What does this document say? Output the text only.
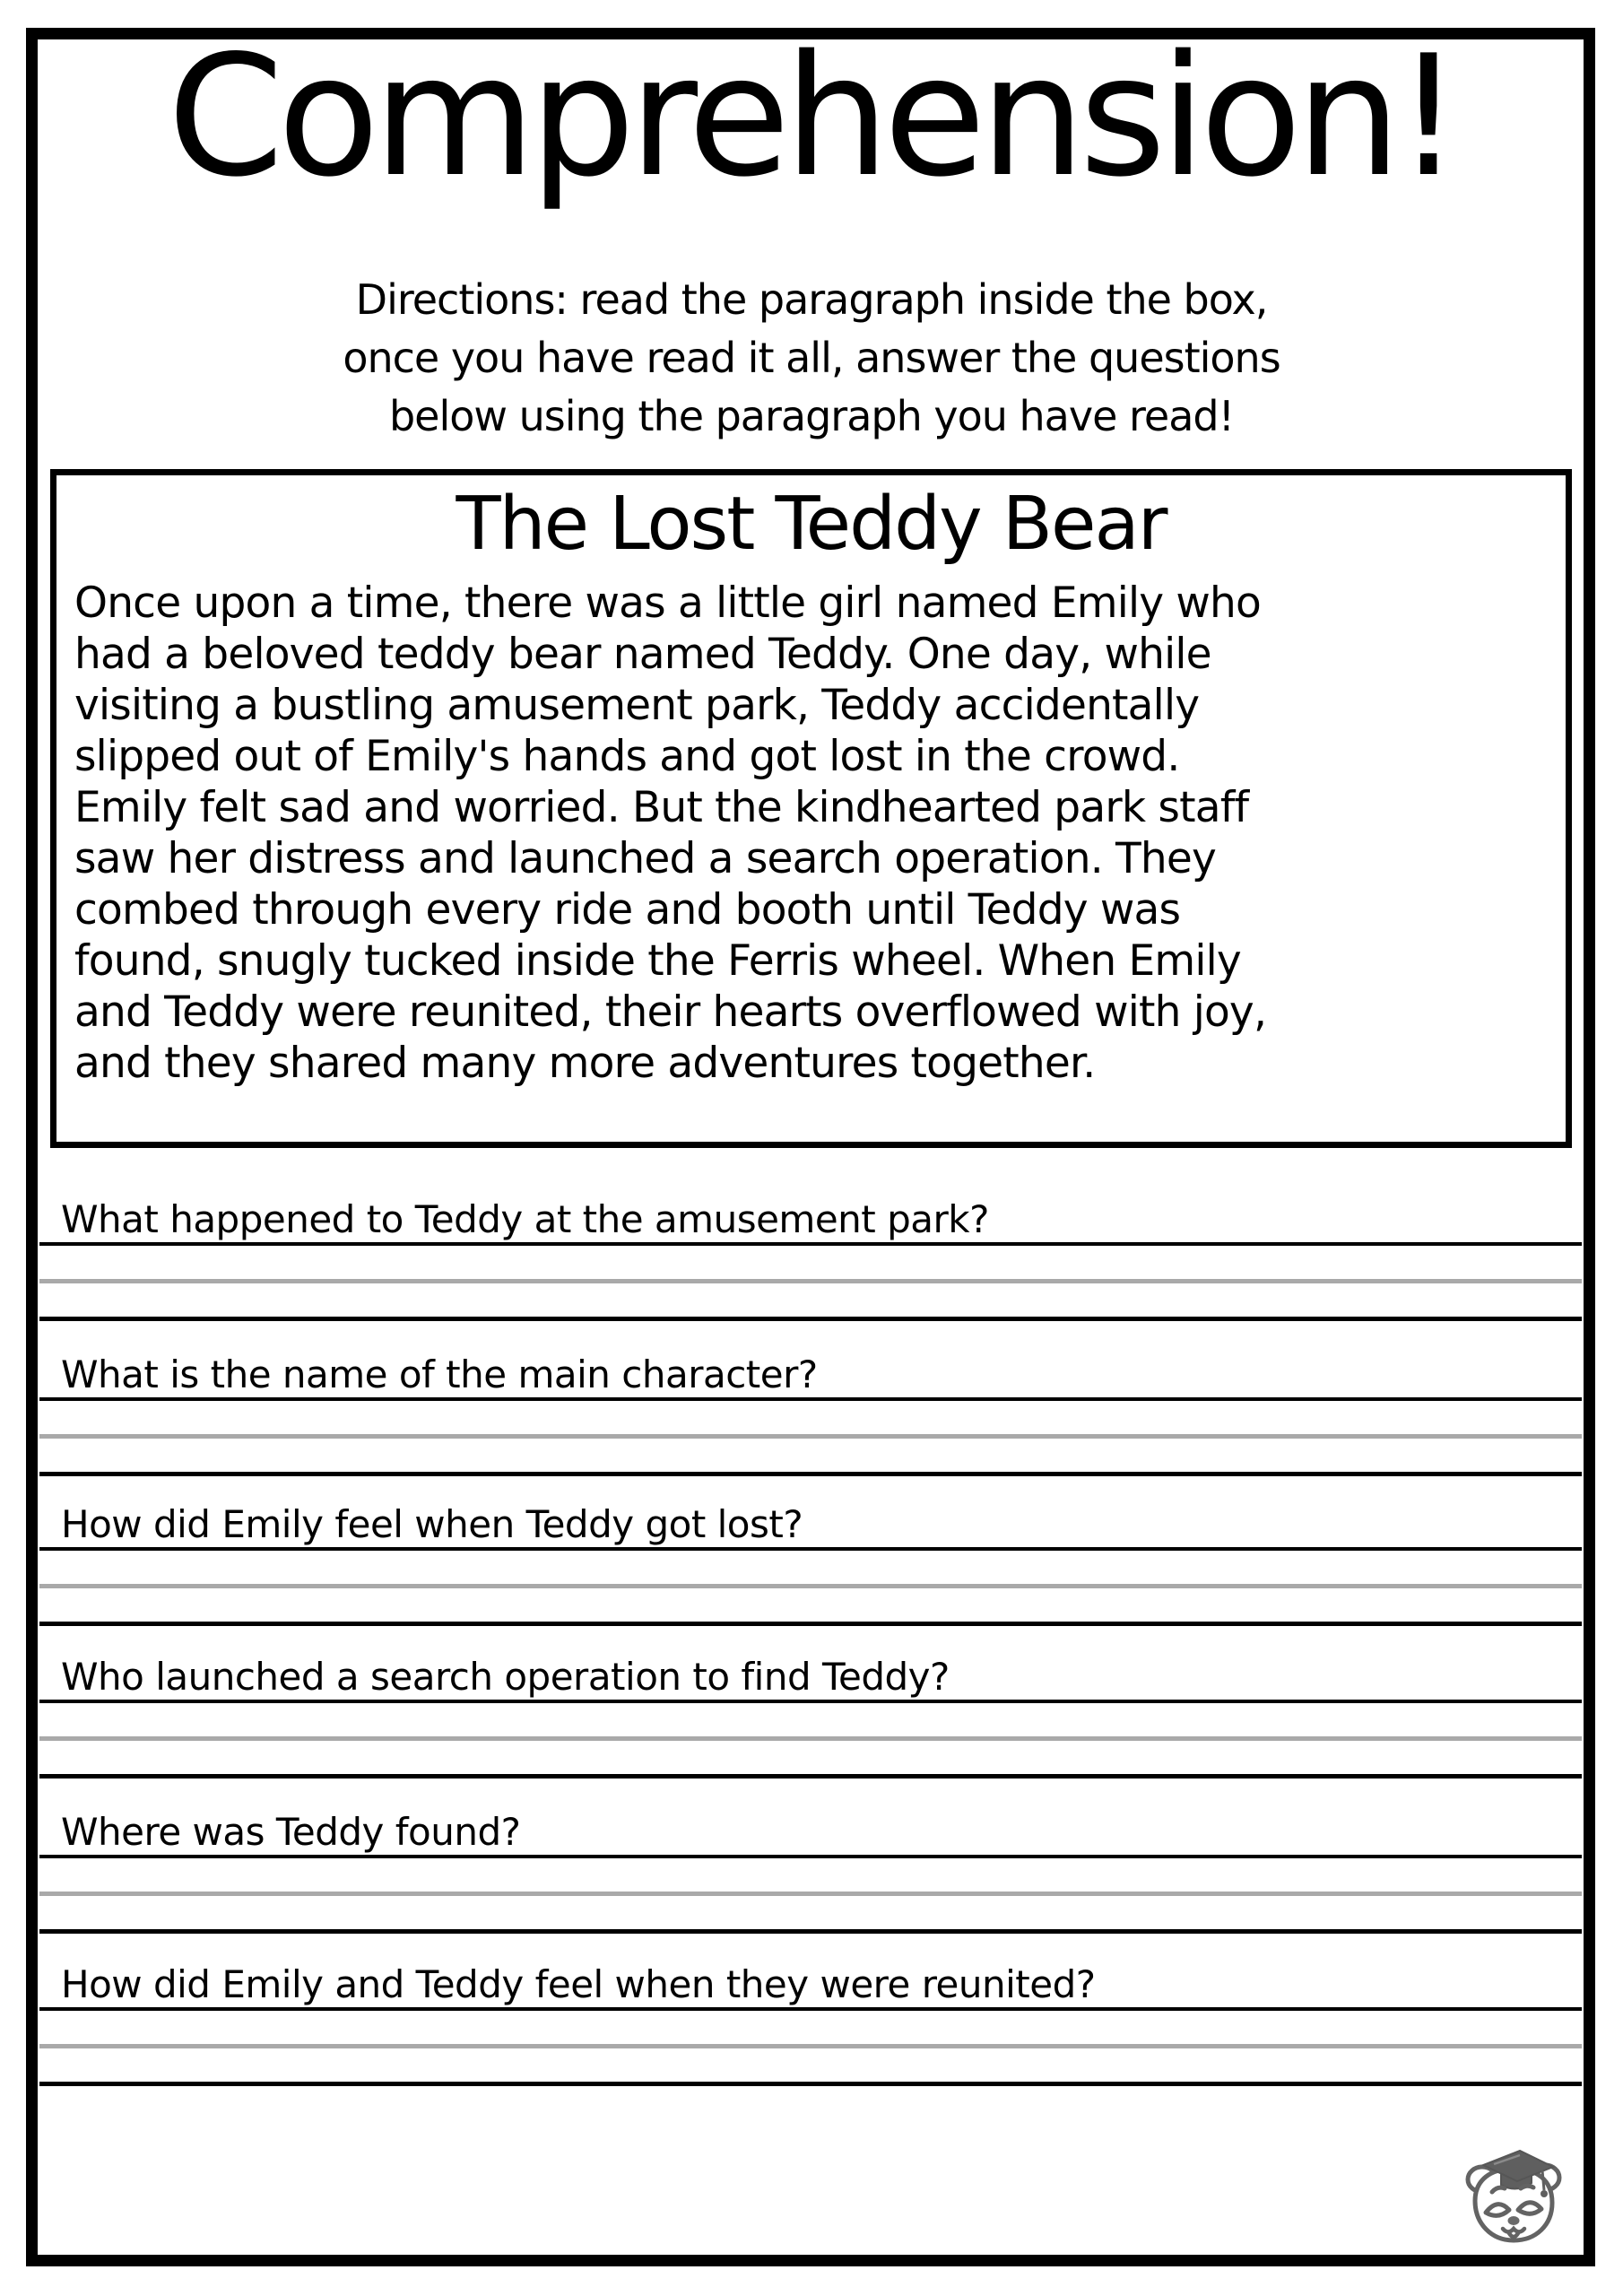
Comprehension!
Directions: read the paragraph inside the box,
once you have read it all, answer the questions
below using the paragraph you have read!
The Lost Teddy Bear
Once upon a time, there was a little girl named Emily who
had a beloved teddy bear named Teddy. One day, while
visiting a bustling amusement park, Teddy accidentally
slipped out of Emily's hands and got lost in the crowd.
Emily felt sad and worried. But the kindhearted park staff
saw her distress and launched a search operation. They
combed through every ride and booth until Teddy was
found, snugly tucked inside the Ferris wheel. When Emily
and Teddy were reunited, their hearts overflowed with joy,
and they shared many more adventures together.
What happened to Teddy at the amusement park?
What is the name of the main character?
How did Emily feel when Teddy got lost?
Who launched a search operation to find Teddy?
Where was Teddy found?
How did Emily and Teddy feel when they were reunited?
